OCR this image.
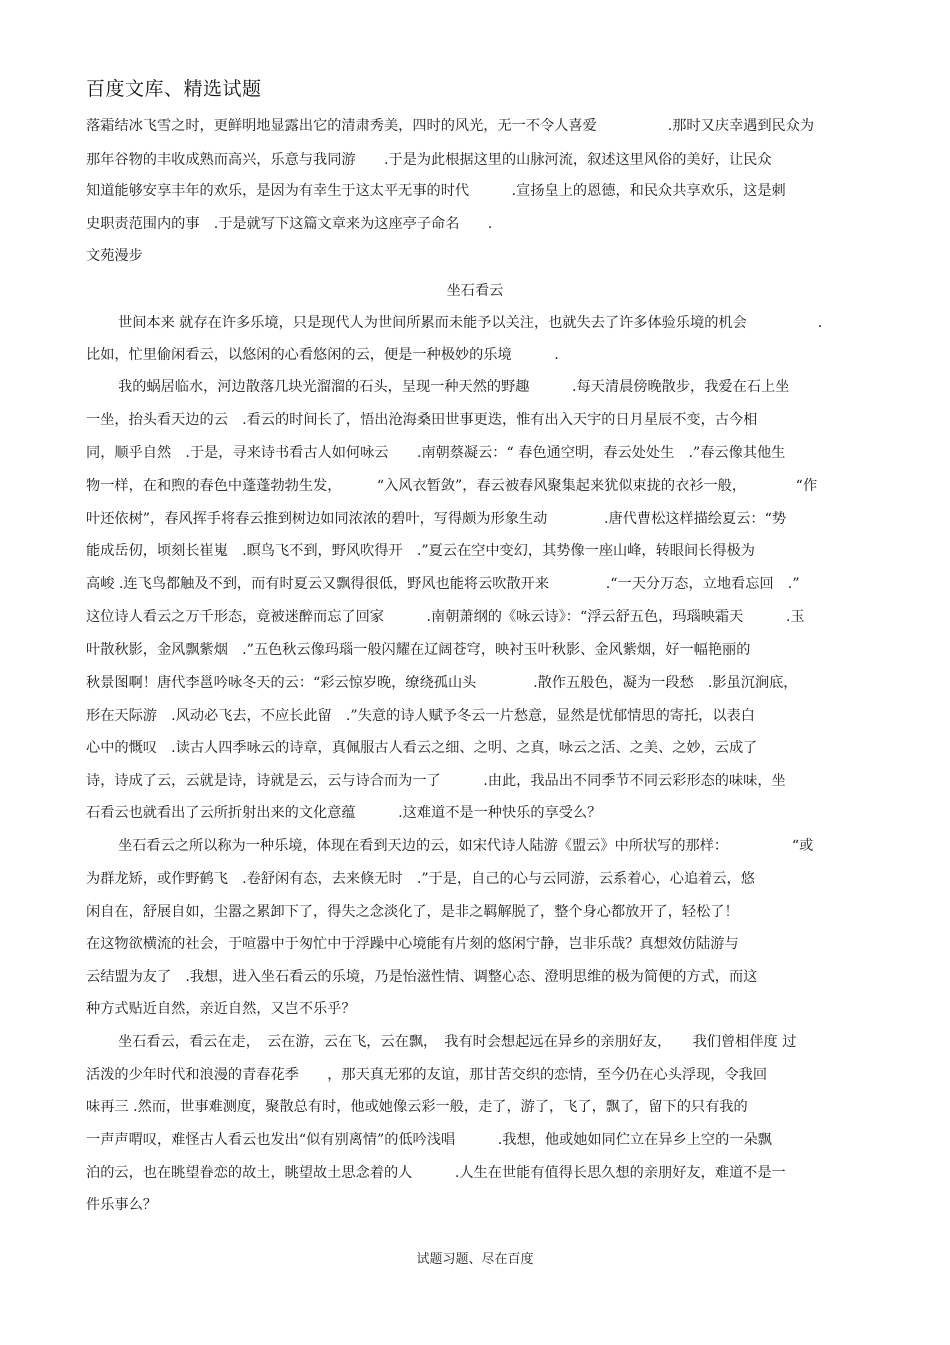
百度文库、精选试题
落霜结冰飞雪之时，更鲜明地显露出它的清肃秀美，四时的风光，无一不令人喜爱　　　　　.那时又庆幸遇到民众为
那年谷物的丰收成熟而高兴，乐意与我同游　　.于是为此根据这里的山脉河流，叙述这里风俗的美好，让民众
知道能够安享丰年的欢乐，是因为有幸生于这太平无事的时代　　　.宣扬皇上的恩德，和民众共享欢乐，这是刺
史职责范围内的事　.于是就写下这篇文章来为这座亭子命名　　.
文苑漫步
坐石看云
世间本来 就存在许多乐境，只是现代人为世间所累而未能予以关注，也就失去了许多体验乐境的机会　　　　　.
比如，忙里偷闲看云，以悠闲的心看悠闲的云，便是一种极妙的乐境　　　.
我的蜗居临水，河边散落几块光溜溜的石头，呈现一种天然的野趣　　　.每天清晨傍晚散步，我爱在石上坐
一坐，抬头看天边的云　.看云的时间长了，悟出沧海桑田世事更迭，惟有出入天宇的日月星辰不变，古今相
同，顺乎自然　.于是，寻来诗书看古人如何咏云　　.南朝蔡凝云：“ 春色通空明，春云处处生　.”春云像其他生
物一样，在和煦的春色中蓬蓬勃勃生发，　　　“入风衣暂敛”，春云被春风聚集起来犹似束拢的衣衫一般，　　　　“作
叶还依树”，春风挥手将春云推到树边如同浓浓的碧叶，写得颇为形象生动　　　　.唐代曹松这样描绘夏云：“势
能成岳仞，顷刻长崔嵬　.瞑鸟飞不到，野风吹得开　.”夏云在空中变幻，其势像一座山峰，转眼间长得极为
高峻 .连飞鸟都触及不到，而有时夏云又飘得很低，野风也能将云吹散开来　　　　.“一天分万态，立地看忘回　.”
这位诗人看云之万千形态，竟被迷醉而忘了回家　　　.南朝萧纲的《咏云诗》：“浮云舒五色，玛瑙映霜天　　　.玉
叶散秋影，金风飘紫烟　.”五色秋云像玛瑙一般闪耀在辽阔苍穹，映衬玉叶秋影、金风紫烟，好一幅艳丽的
秋景图啊！唐代李邕吟咏冬天的云：“彩云惊岁晚，缭绕孤山头　　　　.散作五般色，凝为一段愁　.影虽沉涧底，
形在天际游　.风动必飞去，不应长此留　.”失意的诗人赋予冬云一片愁意，显然是忧郁情思的寄托，以表白
心中的慨叹　.读古人四季咏云的诗章，真佩服古人看云之细、之明、之真，咏云之活、之美、之妙，云成了
诗，诗成了云，云就是诗，诗就是云，云与诗合而为一了　　　.由此，我品出不同季节不同云彩形态的味味，坐
石看云也就看出了云所折射出来的文化意蕴　　　.这难道不是一种快乐的享受么？
坐石看云之所以称为一种乐境，体现在看到天边的云，如宋代诗人陆游《盟云》中所状写的那样：　　　　　“或
为群龙矫，或作野鹤飞　.卷舒闲有态，去来倏无时　.”于是，自己的心与云同游，云系着心，心追着云，悠
闲自在，舒展自如，尘嚣之累卸下了，得失之念淡化了，是非之羁解脱了，整个身心都放开了，轻松了！
在这物欲横流的社会，于喧嚣中于匆忙中于浮躁中心境能有片刻的悠闲宁静，岂非乐哉？真想效仿陆游与
云结盟为友了　.我想，进入坐石看云的乐境，乃是怡滋性情、调整心态、澄明思维的极为简便的方式，而这
种方式贴近自然，亲近自然，又岂不乐乎？
坐石看云，看云在走，　云在游，云在飞，云在飘，　我有时会想起远在异乡的亲朋好友，　　我们曾相伴度 过
活泼的少年时代和浪漫的青春花季　　，那天真无邪的友谊，那甘苦交织的恋情，至今仍在心头浮现，令我回
味再三 .然而，世事难测度，聚散总有时，他或她像云彩一般，走了，游了，飞了，飘了，留下的只有我的
一声声喟叹，难怪古人看云也发出“似有别离情”的低吟浅唱　　　.我想，他或她如同伫立在异乡上空的一朵飘
泊的云，也在眺望眷恋的故土，眺望故土思念着的人　　　.人生在世能有值得长思久想的亲朋好友，难道不是一
件乐事么？
试题习题、尽在百度
